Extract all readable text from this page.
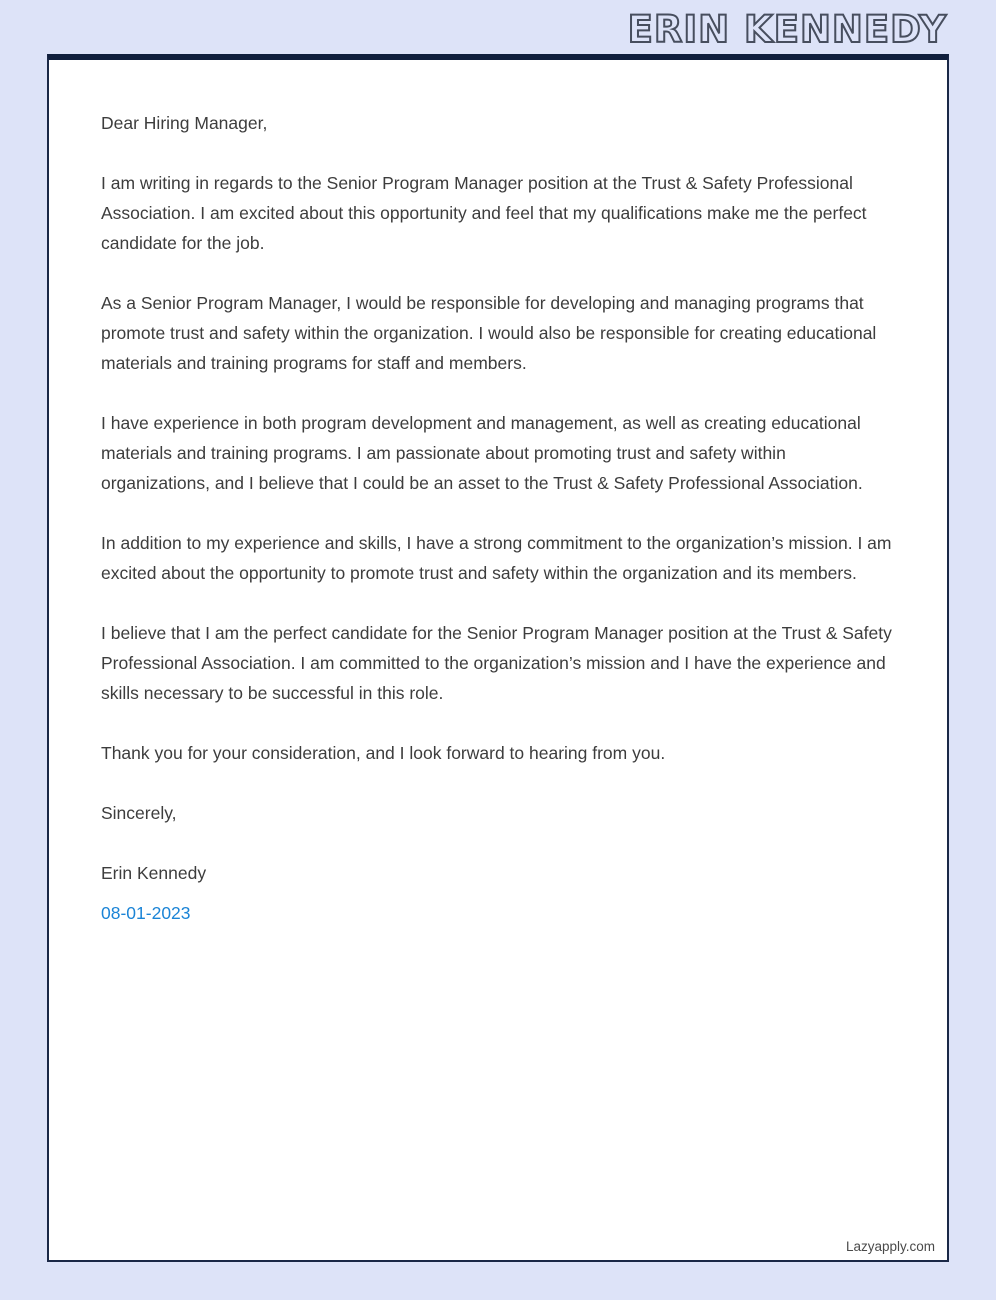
ERIN KENNEDY

Dear Hiring Manager,

I am writing in regards to the Senior Program Manager position at the Trust & Safety Professional Association. I am excited about this opportunity and feel that my qualifications make me the perfect candidate for the job.

As a Senior Program Manager, I would be responsible for developing and managing programs that promote trust and safety within the organization. I would also be responsible for creating educational materials and training programs for staff and members.

I have experience in both program development and management, as well as creating educational materials and training programs. I am passionate about promoting trust and safety within organizations, and I believe that I could be an asset to the Trust & Safety Professional Association.

In addition to my experience and skills, I have a strong commitment to the organization’s mission. I am excited about the opportunity to promote trust and safety within the organization and its members.

I believe that I am the perfect candidate for the Senior Program Manager position at the Trust & Safety Professional Association. I am committed to the organization’s mission and I have the experience and skills necessary to be successful in this role.

Thank you for your consideration, and I look forward to hearing from you.

Sincerely,

Erin Kennedy

08-01-2023

Lazyapply.com
